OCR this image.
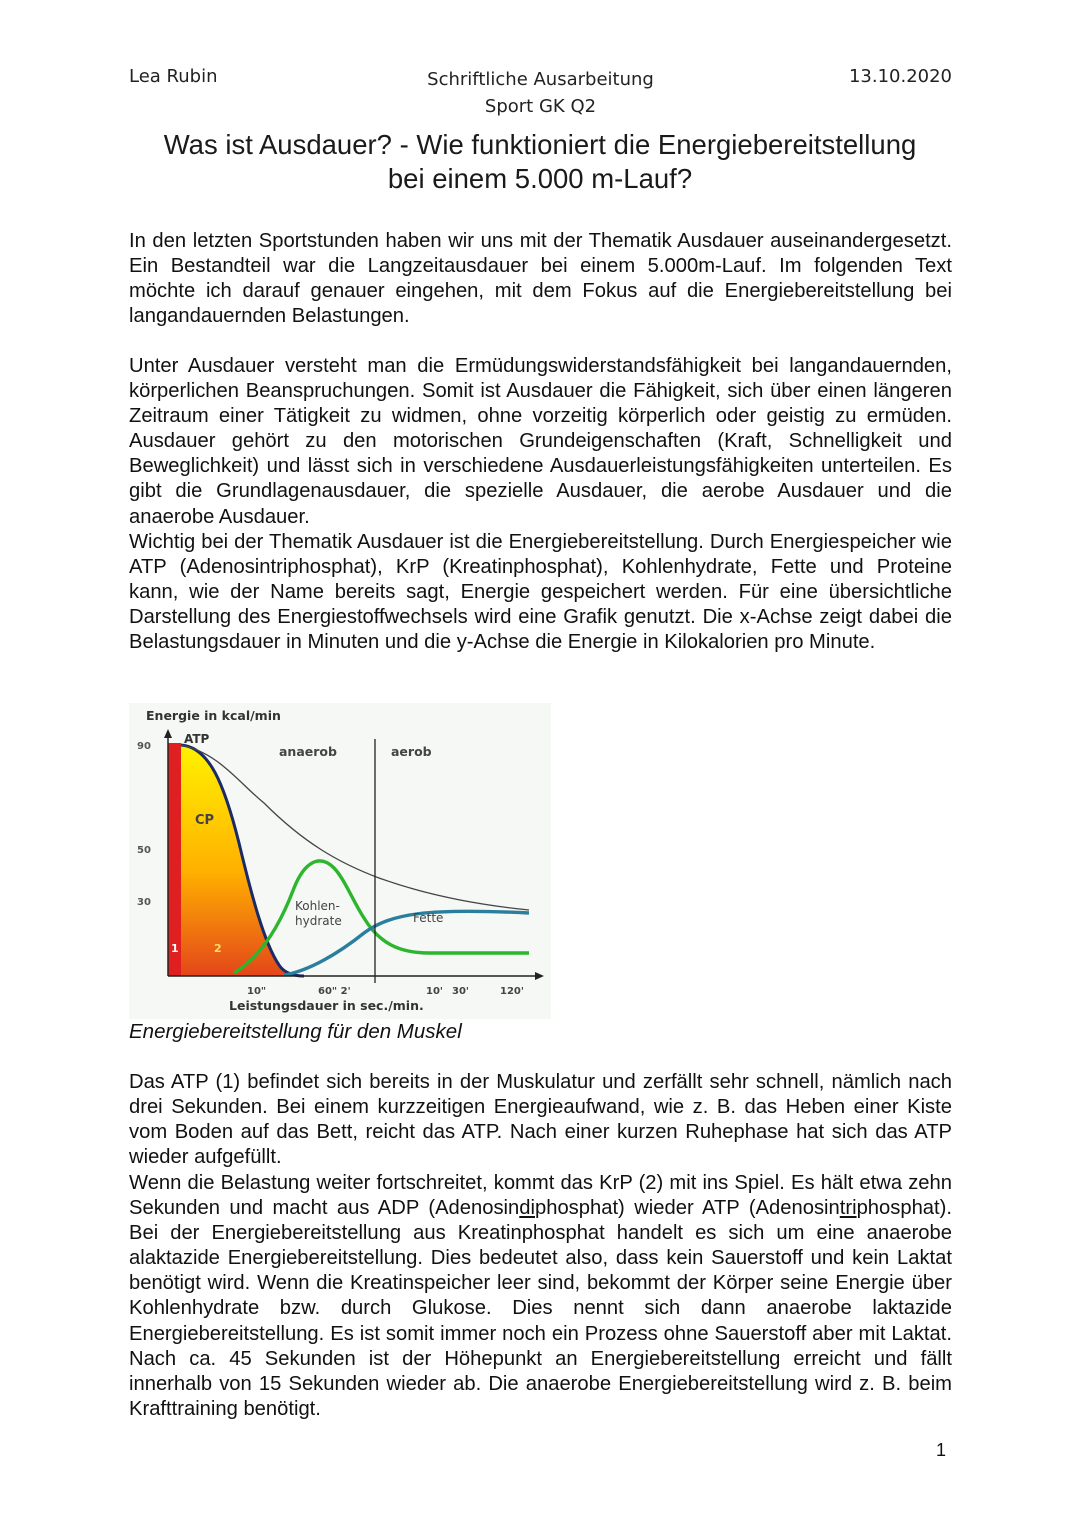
Lea Rubin	Schriftliche Ausarbeitung
Sport GK Q2
13.10.2020
Was ist Ausdauer? - Wie funktioniert die Energiebereitstellung
bei einem 5.000 m-Lauf?

In den letzten Sportstunden haben wir uns mit der Thematik Ausdauer auseinandergesetzt. Ein Bestandteil war die Langzeitausdauer bei einem 5.000m-Lauf. Im folgenden Text möchte ich darauf genauer eingehen, mit dem Fokus auf die Energiebereitstellung bei langandauernden Belastungen.

Unter Ausdauer versteht man die Ermüdungswiderstandsfähigkeit bei langandauernden, körperlichen Beanspruchungen. Somit ist Ausdauer die Fähigkeit, sich über einen längeren Zeitraum einer Tätigkeit zu widmen, ohne vorzeitig körperlich oder geistig zu ermüden. Ausdauer gehört zu den motorischen Grundeigenschaften (Kraft, Schnelligkeit und Beweglichkeit) und lässt sich in verschiedene Ausdauerleistungsfähigkeiten unterteilen. Es gibt die Grundlagenausdauer, die spezielle Ausdauer, die aerobe Ausdauer und die anaerobe Ausdauer.

Wichtig bei der Thematik Ausdauer ist die Energiebereitstellung. Durch Energiespeicher wie ATP (Adenosintriphosphat), KrP (Kreatinphosphat), Kohlenhydrate, Fette und Proteine kann, wie der Name bereits sagt, Energie gespeichert werden. Für eine übersichtliche Darstellung des Energiestoffwechsels wird eine Grafik genutzt. Die x-Achse zeigt dabei die Belastungsdauer in Minuten und die y-Achse die Energie in Kilokalorien pro Minute.

Energie in kcal/min
Leistungsdauer in sec./min.
90
50
30
ATP
anaerob	aerob
CP
Kohlen-
hydrate	Fette
1	2
10"	60" 2'	10' 30'	120'
Energiebereitstellung für den Muskel

Das ATP (1) befindet sich bereits in der Muskulatur und zerfällt sehr schnell, nämlich nach drei Sekunden. Bei einem kurzzeitigen Energieaufwand, wie z. B. das Heben einer Kiste vom Boden auf das Bett, reicht das ATP. Nach einer kurzen Ruhephase hat sich das ATP wieder aufgefüllt.

Wenn die Belastung weiter fortschreitet, kommt das KrP (2) mit ins Spiel. Es hält etwa zehn Sekunden und macht aus ADP (Adenosindiphosphat) wieder ATP (Adenosintriphosphat). Bei der Energiebereitstellung aus Kreatinphosphat handelt es sich um eine anaerobe alaktazide Energiebereitstellung. Dies bedeutet also, dass kein Sauerstoff und kein Laktat benötigt wird. Wenn die Kreatinspeicher leer sind, bekommt der Körper seine Energie über Kohlenhydrate bzw. durch Glukose. Dies nennt sich dann anaerobe laktazide Energiebereitstellung. Es ist somit immer noch ein Prozess ohne Sauerstoff aber mit Laktat. Nach ca. 45 Sekunden ist der Höhepunkt an Energiebereitstellung erreicht und fällt innerhalb von 15 Sekunden wieder ab. Die anaerobe Energiebereitstellung wird z. B. beim Krafttraining benötigt.

1
